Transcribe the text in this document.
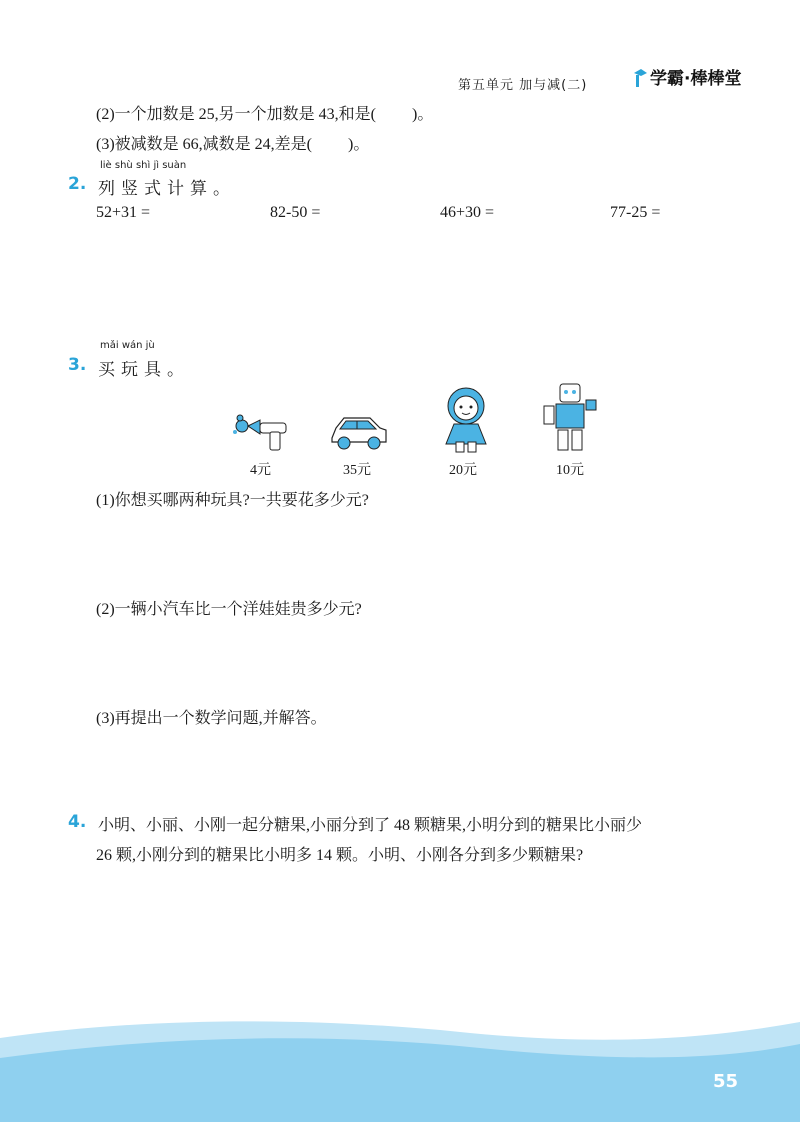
第五单元 加与减(二)	学霸·棒棒堂
(2)一个加数是 25,另一个加数是 43,和是( )。
(3)被减数是 66,减数是 24,差是( )。
liè shù shì jì suàn
2. 列竖式计算。
52+31 =	82-50 =	46+30 =	77-25 =
mǎi wán jù
3. 买玩具。
4元	35元	20元	10元
(1)你想买哪两种玩具?一共要花多少元?
(2)一辆小汽车比一个洋娃娃贵多少元?
(3)再提出一个数学问题,并解答。
4. 小明、小丽、小刚一起分糖果,小丽分到了 48 颗糖果,小明分到的糖果比小丽少
26 颗,小刚分到的糖果比小明多 14 颗。小明、小刚各分到多少颗糖果?
55
